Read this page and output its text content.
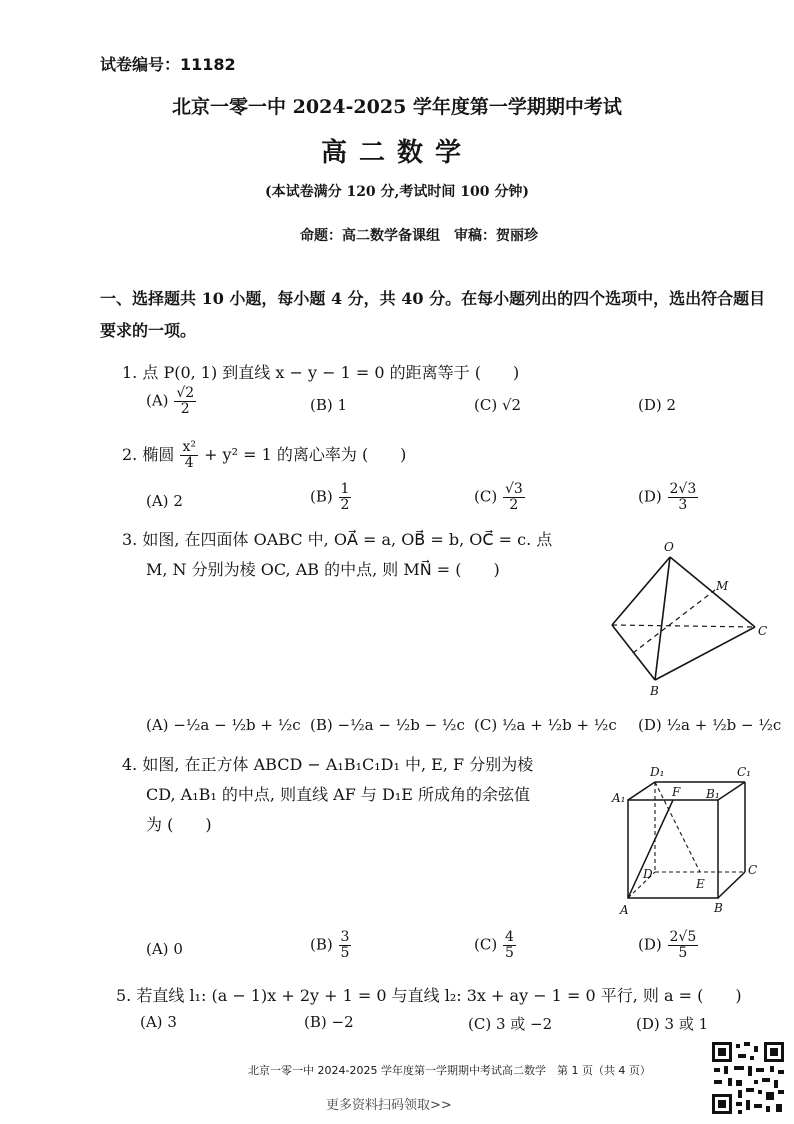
试卷编号：11182
北京一零一中 2024-2025 学年度第一学期期中考试
高二数学
(本试卷满分 120 分,考试时间 100 分钟)
命题：高二数学备课组　审稿：贺丽珍
一、选择题共 10 小题，每小题 4 分，共 40 分。在每小题列出的四个选项中，选出符合题目要求的一项。
1. 点 P(0, 1) 到直线 x − y − 1 = 0 的距离等于 (　　)
$(A) \frac{√2}{2}$	(B) 1	(C) √2	(D) 2
2. 椭圆 $\frac{\text{x²}}{4} + y^2 = 1$ 的离心率为 (　　)
(A) 2	$(B) \frac{1}{2}$	$(C) \frac{√3}{2}$	$(D) \frac{2√3}{3}$
3. 如图, 在四面体 OABC 中, OA⃗ = a, OB⃗ = b, OC⃗ = c. 点
M, N 分别为棱 OC, AB 的中点, 则 MN⃗ = (　　)
O
M
C
B
(A) −½a − ½b + ½c (B) −½a − ½b − ½c (C) ½a + ½b + ½c (D) ½a + ½b − ½c
4. 如图, 在正方体 ABCD − A₁B₁C₁D₁ 中, E, F 分别为棱
CD, A₁B₁ 的中点, 则直线 AF 与 D₁E 所成角的余弦值
为 (　　)
D₁	C₁
A₁	F B₁
D
E
C
A	B
(A) 0	$(B) \frac{3}{5}$	$(C) \frac{4}{5}$	$(D) \frac{2√5}{5}$
5. 若直线 l₁: (a − 1)x + 2y + 1 = 0 与直线 l₂: 3x + ay − 1 = 0 平行, 则 a = (　　)
(A) 3	(B) −2	(C) 3 或 −2	(D) 3 或 1
北京一零一中 2024-2025 学年度第一学期期中考试高二数学　第 1 页（共 4 页）
更多资料扫码领取>>
